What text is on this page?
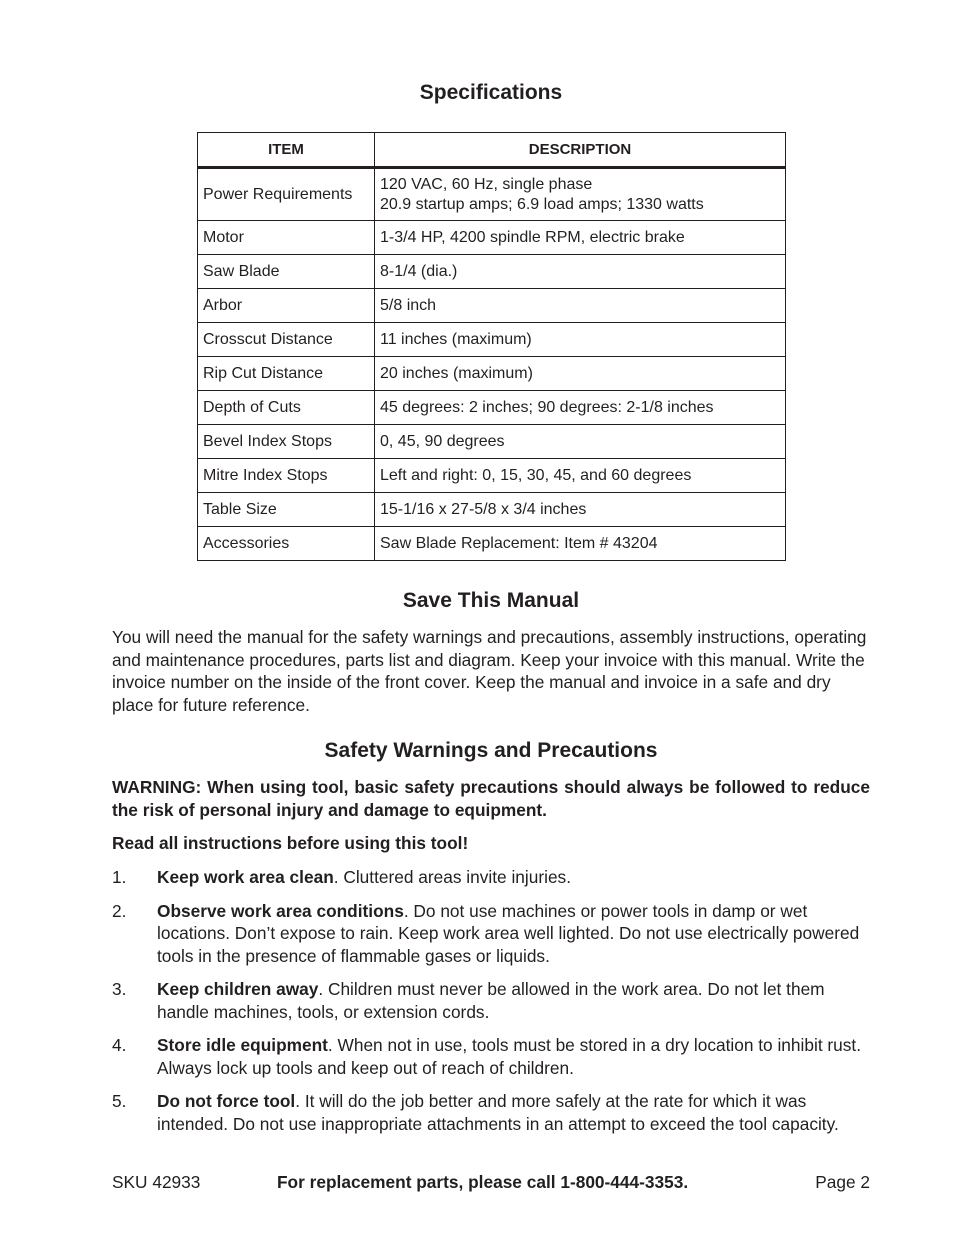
Specifications
ITEM	DESCRIPTION
Power Requirements	120 VAC, 60 Hz, single phase
20.9 startup amps; 6.9 load amps; 1330 watts

Motor	1-3/4 HP, 4200 spindle RPM, electric brake
Saw Blade	8-1/4 (dia.)
Arbor	5/8 inch
Crosscut Distance	11 inches (maximum)
Rip Cut Distance	20 inches (maximum)
Depth of Cuts	45 degrees: 2 inches; 90 degrees: 2-1/8 inches
Bevel Index Stops	0, 45, 90 degrees
Mitre Index Stops	Left and right: 0, 15, 30, 45, and 60 degrees
Table Size	15-1/16 x 27-5/8 x 3/4 inches
Accessories	Saw Blade Replacement: Item # 43204
Save This Manual

You will need the manual for the safety warnings and precautions, assembly instructions, operating and maintenance procedures, parts list and diagram. Keep your invoice with this manual. Write the invoice number on the inside of the front cover. Keep the manual and invoice in a safe and dry place for future reference.

Safety Warnings and Precautions

WARNING: When using tool, basic safety precautions should always be followed to reduce the risk of personal injury and damage to equipment.

Read all instructions before using this tool!

1. Keep work area clean. Cluttered areas invite injuries.
2. Observe work area conditions. Do not use machines or power tools in damp or wet locations. Don’t expose to rain. Keep work area well lighted. Do not use electrically powered tools in the presence of flammable gases or liquids.
3. Keep children away. Children must never be allowed in the work area. Do not let them handle machines, tools, or extension cords.
4. Store idle equipment. When not in use, tools must be stored in a dry location to inhibit rust. Always lock up tools and keep out of reach of children.
5. Do not force tool. It will do the job better and more safely at the rate for which it was intended. Do not use inappropriate attachments in an attempt to exceed the tool capacity.
SKU 42933	For replacement parts, please call 1-800-444-3353.	Page 2
